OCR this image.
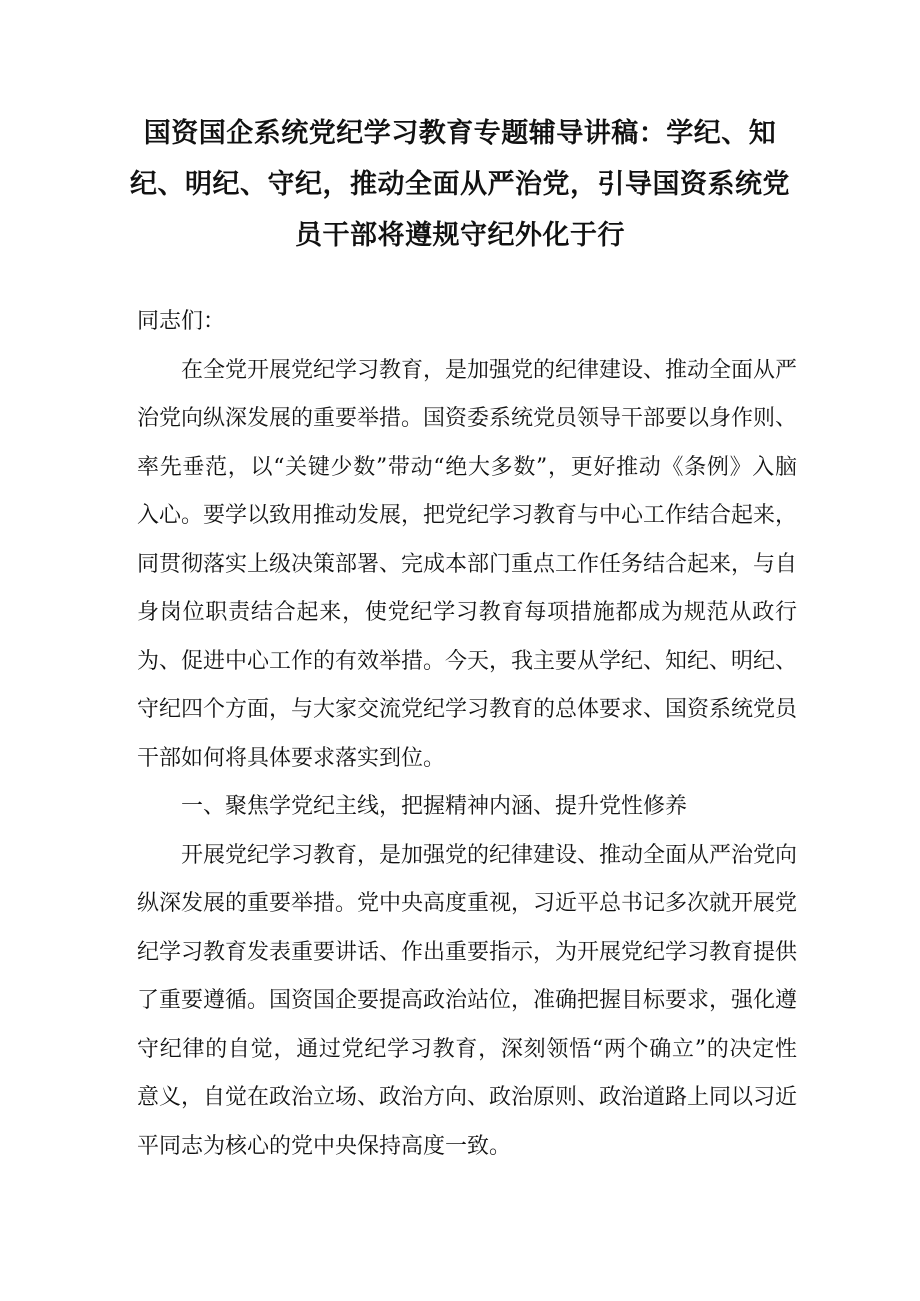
国资国企系统党纪学习教育专题辅导讲稿：学纪、知纪、明纪、守纪，推动全面从严治党，引导国资系统党员干部将遵规守纪外化于行

同志们：

在全党开展党纪学习教育，是加强党的纪律建设、推动全面从严治党向纵深发展的重要举措。国资委系统党员领导干部要以身作则、率先垂范，以“关键少数”带动“绝大多数”，更好推动《条例》入脑入心。要学以致用推动发展，把党纪学习教育与中心工作结合起来，同贯彻落实上级决策部署、完成本部门重点工作任务结合起来，与自身岗位职责结合起来，使党纪学习教育每项措施都成为规范从政行为、促进中心工作的有效举措。今天，我主要从学纪、知纪、明纪、守纪四个方面，与大家交流党纪学习教育的总体要求、国资系统党员干部如何将具体要求落实到位。

一、聚焦学党纪主线，把握精神内涵、提升党性修养

开展党纪学习教育，是加强党的纪律建设、推动全面从严治党向纵深发展的重要举措。党中央高度重视，习近平总书记多次就开展党纪学习教育发表重要讲话、作出重要指示，为开展党纪学习教育提供了重要遵循。国资国企要提高政治站位，准确把握目标要求，强化遵守纪律的自觉，通过党纪学习教育，深刻领悟“两个确立”的决定性意义，自觉在政治立场、政治方向、政治原则、政治道路上同以习近平同志为核心的党中央保持高度一致。
